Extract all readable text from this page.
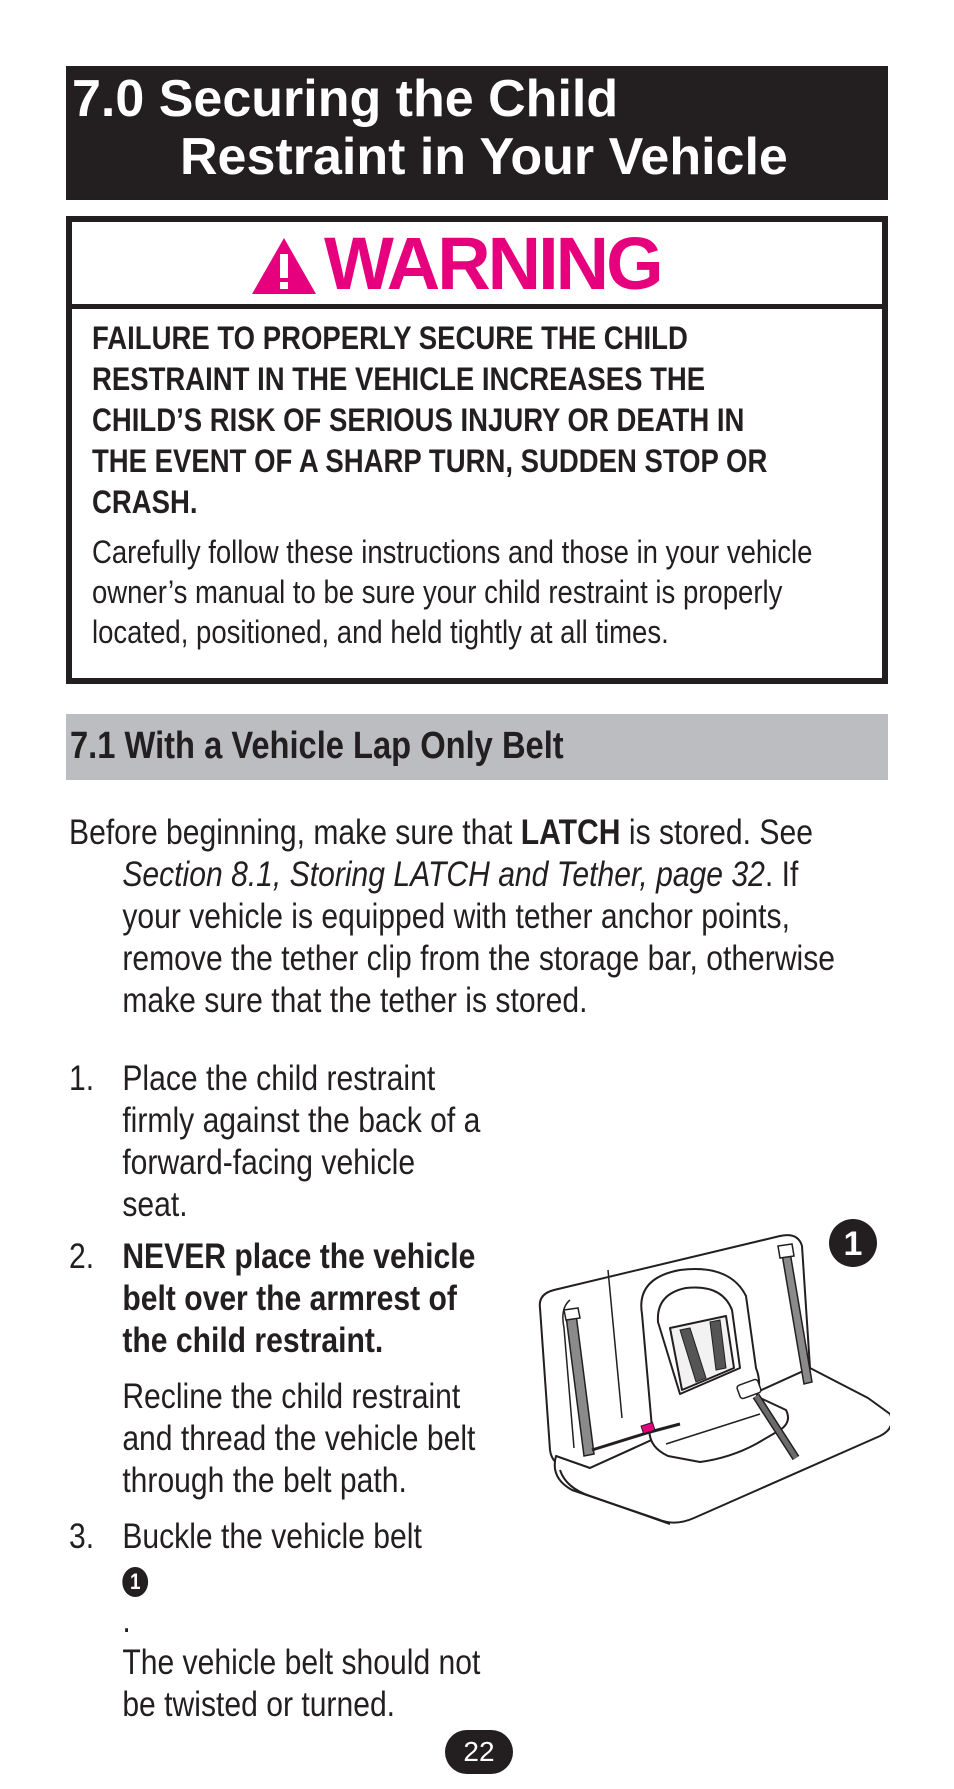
7.0 Securing the Child
Restraint in Your Vehicle
WARNING
FAILURE TO PROPERLY SECURE THE CHILD
RESTRAINT IN THE VEHICLE INCREASES THE
CHILD’S RISK OF SERIOUS INJURY OR DEATH IN
THE EVENT OF A SHARP TURN, SUDDEN STOP OR
CRASH.
Carefully follow these instructions and those in your vehicle
owner’s manual to be sure your child restraint is properly
located, positioned, and held tightly at all times.
7.1 With a Vehicle Lap Only Belt
Before beginning, make sure that LATCH is stored. See
Section 8.1, Storing LATCH and Tether, page 32. If
your vehicle is equipped with tether anchor points,
remove the tether clip from the storage bar, otherwise
make sure that the tether is stored.
1. Place the child restraint
firmly against the back of a
forward-facing vehicle
seat.
2. NEVER place the vehicle
belt over the armrest of
the child restraint.
Recline the child restraint
and thread the vehicle belt
through the belt path.
3. Buckle the vehicle belt
1
.
The vehicle belt should not
be twisted or turned.
1
22
